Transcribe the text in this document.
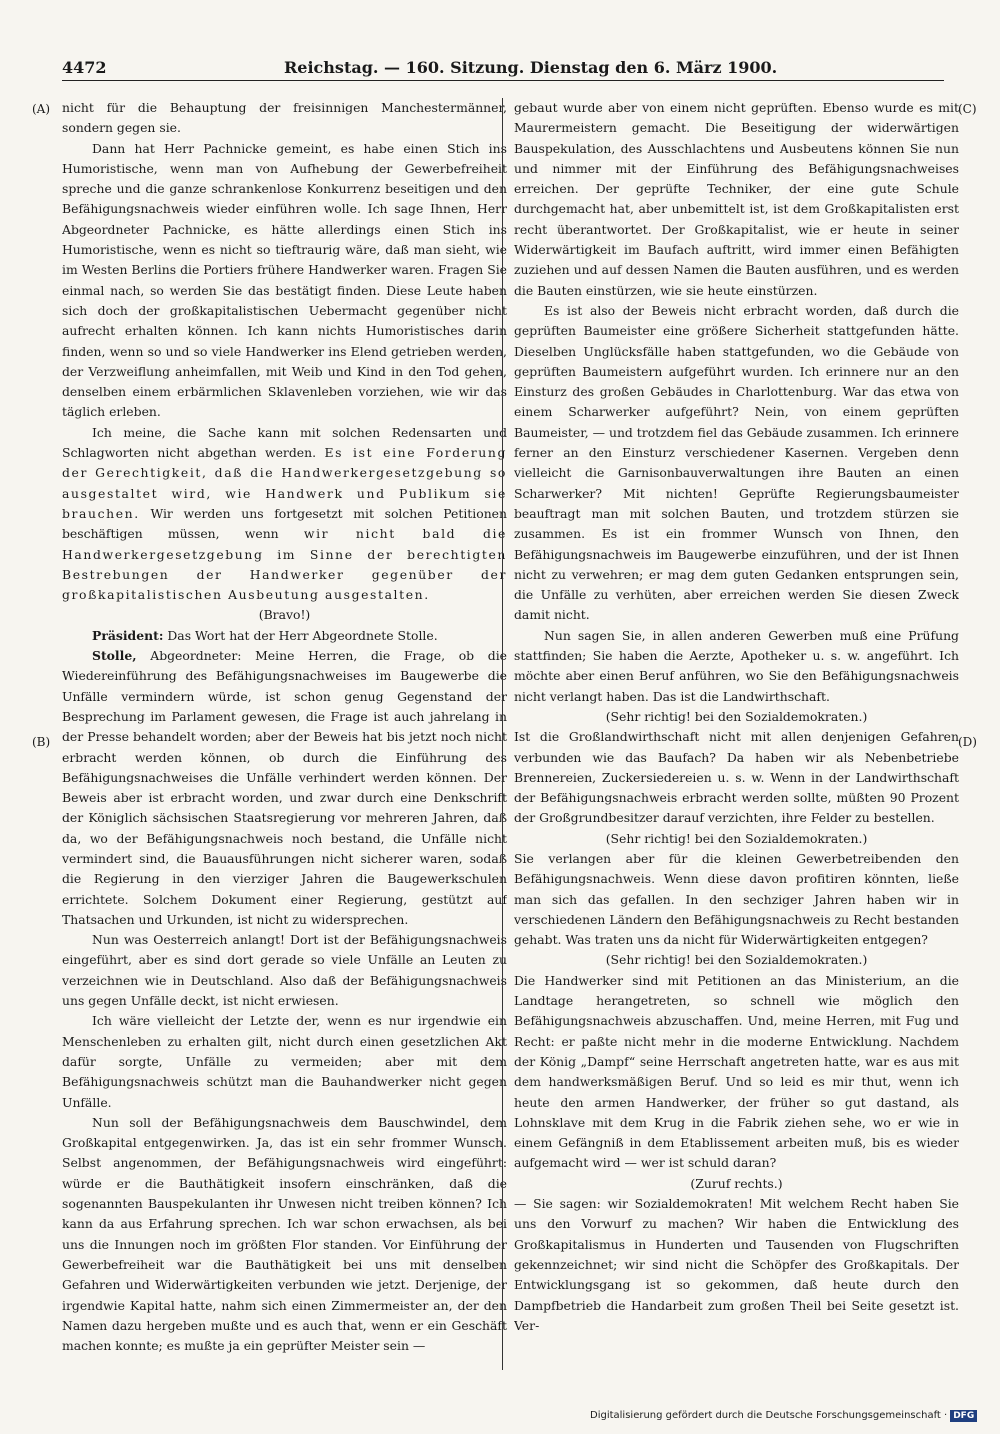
4472	Reichstag. — 160. Sitzung. Dienstag den 6. März 1900.
(A)
(B)
(C)
(D)

nicht für die Behauptung der freisinnigen Manchestermänner, sondern gegen sie.

Dann hat Herr Pachnicke gemeint, es habe einen Stich ins Humoristische, wenn man von Aufhebung der Gewerbefreiheit spreche und die ganze schrankenlose Konkurrenz beseitigen und den Befähigungsnachweis wieder einführen wolle. Ich sage Ihnen, Herr Abgeordneter Pachnicke, es hätte allerdings einen Stich ins Humoristische, wenn es nicht so tieftraurig wäre, daß man sieht, wie im Westen Berlins die Portiers frühere Handwerker waren. Fragen Sie einmal nach, so werden Sie das bestätigt finden. Diese Leute haben sich doch der großkapitalistischen Uebermacht gegenüber nicht aufrecht erhalten können. Ich kann nichts Humoristisches darin finden, wenn so und so viele Handwerker ins Elend getrieben werden, der Verzweiflung anheimfallen, mit Weib und Kind in den Tod gehen, denselben einem erbärmlichen Sklavenleben vorziehen, wie wir das täglich erleben.

Ich meine, die Sache kann mit solchen Redensarten und Schlagworten nicht abgethan werden. Es ist eine Forderung der Gerechtigkeit, daß die Handwerkergesetzgebung so ausgestaltet wird, wie Handwerk und Publikum sie brauchen. Wir werden uns fortgesetzt mit solchen Petitionen beschäftigen müssen, wenn wir nicht bald die Handwerkergesetzgebung im Sinne der berechtigten Bestrebungen der Handwerker gegenüber der großkapitalistischen Ausbeutung ausgestalten.

(Bravo!)

Präsident: Das Wort hat der Herr Abgeordnete Stolle.

Stolle, Abgeordneter: Meine Herren, die Frage, ob die Wiedereinführung des Befähigungsnachweises im Baugewerbe die Unfälle vermindern würde, ist schon genug Gegenstand der Besprechung im Parlament gewesen, die Frage ist auch jahrelang in der Presse behandelt worden; aber der Beweis hat bis jetzt noch nicht erbracht werden können, ob durch die Einführung des Befähigungsnachweises die Unfälle verhindert werden können. Der Beweis aber ist erbracht worden, und zwar durch eine Denkschrift der Königlich sächsischen Staatsregierung vor mehreren Jahren, daß da, wo der Befähigungsnachweis noch bestand, die Unfälle nicht vermindert sind, die Bauausführungen nicht sicherer waren, sodaß die Regierung in den vierziger Jahren die Baugewerkschulen errichtete. Solchem Dokument einer Regierung, gestützt auf Thatsachen und Urkunden, ist nicht zu widersprechen.

Nun was Oesterreich anlangt! Dort ist der Befähigungsnachweis eingeführt, aber es sind dort gerade so viele Unfälle an Leuten zu verzeichnen wie in Deutschland. Also daß der Befähigungsnachweis uns gegen Unfälle deckt, ist nicht erwiesen.

Ich wäre vielleicht der Letzte der, wenn es nur irgendwie ein Menschenleben zu erhalten gilt, nicht durch einen gesetzlichen Akt dafür sorgte, Unfälle zu vermeiden; aber mit dem Befähigungsnachweis schützt man die Bauhandwerker nicht gegen Unfälle.

Nun soll der Befähigungsnachweis dem Bauschwindel, dem Großkapital entgegenwirken. Ja, das ist ein sehr frommer Wunsch. Selbst angenommen, der Befähigungsnachweis wird eingeführt: würde er die Bauthätigkeit insofern einschränken, daß die sogenannten Bauspekulanten ihr Unwesen nicht treiben können? Ich kann da aus Erfahrung sprechen. Ich war schon erwachsen, als bei uns die Innungen noch im größten Flor standen. Vor Einführung der Gewerbefreiheit war die Bauthätigkeit bei uns mit denselben Gefahren und Widerwärtigkeiten verbunden wie jetzt. Derjenige, der irgendwie Kapital hatte, nahm sich einen Zimmermeister an, der den Namen dazu hergeben mußte und es auch that, wenn er ein Geschäft machen konnte; es mußte ja ein geprüfter Meister sein —

gebaut wurde aber von einem nicht geprüften. Ebenso wurde es mit Maurermeistern gemacht. Die Beseitigung der widerwärtigen Bauspekulation, des Ausschlachtens und Ausbeutens können Sie nun und nimmer mit der Einführung des Befähigungsnachweises erreichen. Der geprüfte Techniker, der eine gute Schule durchgemacht hat, aber unbemittelt ist, ist dem Großkapitalisten erst recht überantwortet. Der Großkapitalist, wie er heute in seiner Widerwärtigkeit im Baufach auftritt, wird immer einen Befähigten zuziehen und auf dessen Namen die Bauten ausführen, und es werden die Bauten einstürzen, wie sie heute einstürzen.

Es ist also der Beweis nicht erbracht worden, daß durch die geprüften Baumeister eine größere Sicherheit stattgefunden hätte. Dieselben Unglücksfälle haben stattgefunden, wo die Gebäude von geprüften Baumeistern aufgeführt wurden. Ich erinnere nur an den Einsturz des großen Gebäudes in Charlottenburg. War das etwa von einem Scharwerker aufgeführt? Nein, von einem geprüften Baumeister, — und trotzdem fiel das Gebäude zusammen. Ich erinnere ferner an den Einsturz verschiedener Kasernen. Vergeben denn vielleicht die Garnisonbauverwaltungen ihre Bauten an einen Scharwerker? Mit nichten! Geprüfte Regierungsbaumeister beauftragt man mit solchen Bauten, und trotzdem stürzen sie zusammen. Es ist ein frommer Wunsch von Ihnen, den Befähigungsnachweis im Baugewerbe einzuführen, und der ist Ihnen nicht zu verwehren; er mag dem guten Gedanken entsprungen sein, die Unfälle zu verhüten, aber erreichen werden Sie diesen Zweck damit nicht.

Nun sagen Sie, in allen anderen Gewerben muß eine Prüfung stattfinden; Sie haben die Aerzte, Apotheker u. s. w. angeführt. Ich möchte aber einen Beruf anführen, wo Sie den Befähigungsnachweis nicht verlangt haben. Das ist die Landwirthschaft.

(Sehr richtig! bei den Sozialdemokraten.)

Ist die Großlandwirthschaft nicht mit allen denjenigen Gefahren verbunden wie das Baufach? Da haben wir als Nebenbetriebe Brennereien, Zuckersiedereien u. s. w. Wenn in der Landwirthschaft der Befähigungsnachweis erbracht werden sollte, müßten 90 Prozent der Großgrundbesitzer darauf verzichten, ihre Felder zu bestellen.

(Sehr richtig! bei den Sozialdemokraten.)

Sie verlangen aber für die kleinen Gewerbetreibenden den Befähigungsnachweis. Wenn diese davon profitiren könnten, ließe man sich das gefallen. In den sechziger Jahren haben wir in verschiedenen Ländern den Befähigungsnachweis zu Recht bestanden gehabt. Was traten uns da nicht für Widerwärtigkeiten entgegen?

(Sehr richtig! bei den Sozialdemokraten.)

Die Handwerker sind mit Petitionen an das Ministerium, an die Landtage herangetreten, so schnell wie möglich den Befähigungsnachweis abzuschaffen. Und, meine Herren, mit Fug und Recht: er paßte nicht mehr in die moderne Entwicklung. Nachdem der König „Dampf“ seine Herrschaft angetreten hatte, war es aus mit dem handwerksmäßigen Beruf. Und so leid es mir thut, wenn ich heute den armen Handwerker, der früher so gut dastand, als Lohnsklave mit dem Krug in die Fabrik ziehen sehe, wo er wie in einem Gefängniß in dem Etablissement arbeiten muß, bis es wieder aufgemacht wird — wer ist schuld daran?

(Zuruf rechts.)

— Sie sagen: wir Sozialdemokraten! Mit welchem Recht haben Sie uns den Vorwurf zu machen? Wir haben die Entwicklung des Großkapitalismus in Hunderten und Tausenden von Flugschriften gekennzeichnet; wir sind nicht die Schöpfer des Großkapitals. Der Entwicklungsgang ist so gekommen, daß heute durch den Dampfbetrieb die Handarbeit zum großen Theil bei Seite gesetzt ist. Ver-

Digitalisierung gefördert durch die Deutsche Forschungsgemeinschaft · DFG
